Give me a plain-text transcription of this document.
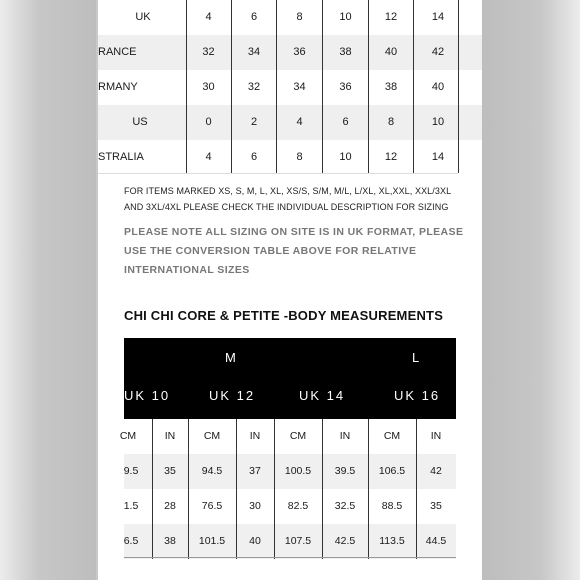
UK	4	6	8	10	12	14
RANCE	32	34	36	38	40	42
RMANY	30	32	34	36	38	40
US	0	2	4	6	8	10
STRALIA	4	6	8	10	12	14
FOR ITEMS MARKED XS, S, M, L, XL, XS/S, S/M, M/L, L/XL, XL,XXL, XXL/3XL
AND 3XL/4XL PLEASE CHECK THE INDIVIDUAL DESCRIPTION FOR SIZING
PLEASE NOTE ALL SIZING ON SITE IS IN UK FORMAT, PLEASE
USE THE CONVERSION TABLE ABOVE FOR RELATIVE
INTERNATIONAL SIZES
CHI CHI CORE & PETITE -BODY MEASUREMENTS
M	L
UK 10	UK 12	UK 14	UK 16
CM	IN	CM	IN	CM	IN	CM	IN
9.5	35	94.5	37	100.5	39.5	106.5	42
1.5	28	76.5	30	82.5	32.5	88.5	35
6.5	38	101.5	40	107.5	42.5	113.5	44.5
